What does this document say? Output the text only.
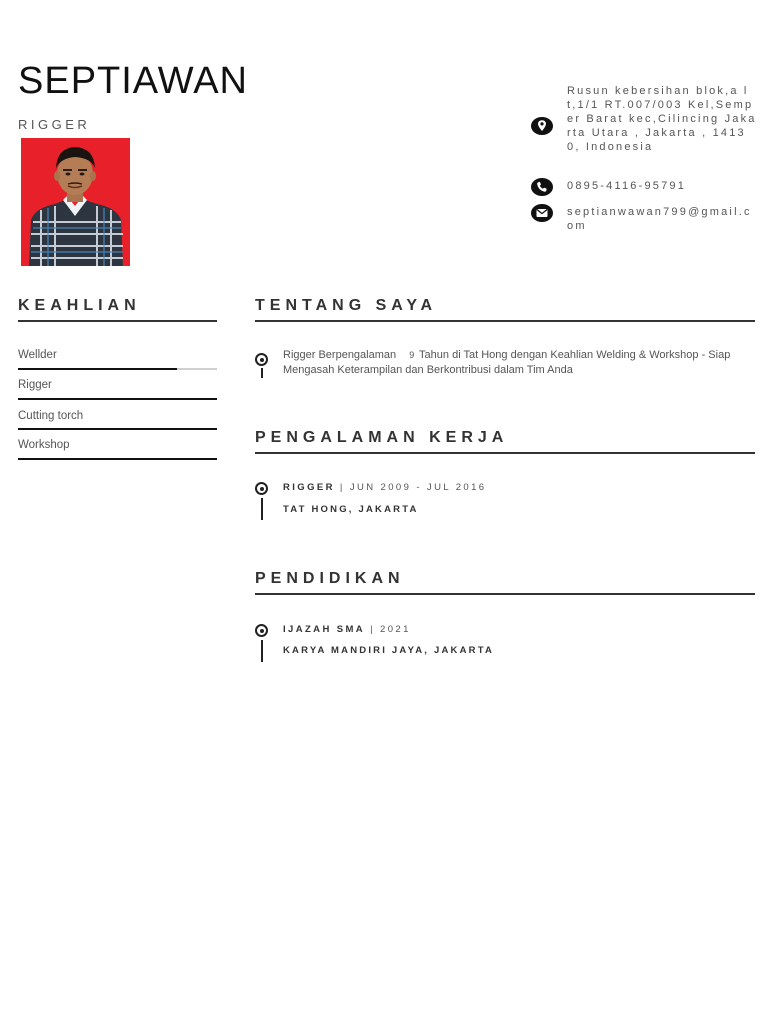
SEPTIAWAN
RIGGER
Rusun kebersihan blok,a lt,1/1 RT.007/003 Kel,Semper Barat kec,Cilincing Jakarta Utara , Jakarta , 14130, Indonesia
0895-4116-95791
septianwawan799@gmail.com
KEAHLIAN
Wellder
Rigger
Cutting torch
Workshop
TENTANG SAYA
Rigger Berpengalaman 9 Tahun di Tat Hong dengan Keahlian Welding & Workshop - Siap Mengasah Keterampilan dan Berkontribusi dalam Tim Anda
PENGALAMAN KERJA
RIGGER | JUN 2009 - JUL 2016
TAT HONG, JAKARTA
PENDIDIKAN
IJAZAH SMA | 2021
KARYA MANDIRI JAYA, JAKARTA
